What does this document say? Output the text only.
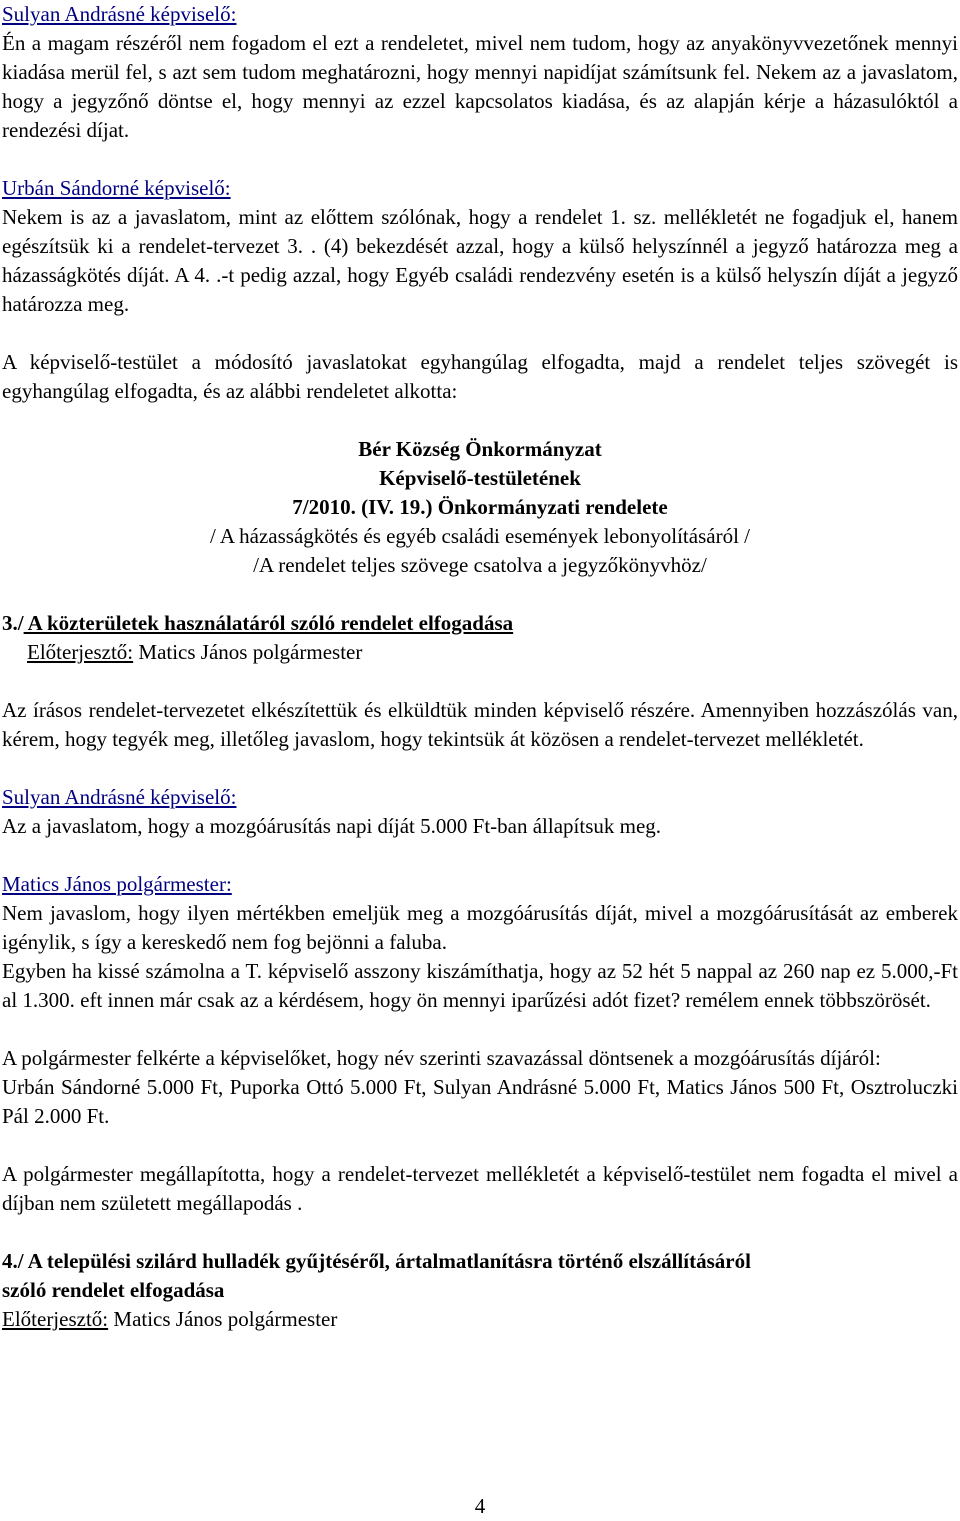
Sulyan Andrásné képviselő:

Én a magam részéről nem fogadom el ezt a rendeletet, mivel nem tudom, hogy az anyakönyvvezetőnek mennyi kiadása merül fel, s azt sem tudom meghatározni, hogy mennyi napidíjat számítsunk fel. Nekem az a javaslatom, hogy a jegyzőnő döntse el, hogy mennyi az ezzel kapcsolatos kiadása, és az alapján kérje a házasulóktól a rendezési díjat.

Urbán Sándorné képviselő:

Nekem is az a javaslatom, mint az előttem szólónak, hogy a rendelet 1. sz. mellékletét ne fogadjuk el, hanem egészítsük ki a rendelet-tervezet 3. . (4) bekezdését azzal, hogy a külső helyszínnél a jegyző határozza meg a házasságkötés díját. A 4. .-t pedig azzal, hogy Egyéb családi rendezvény esetén is a külső helyszín díját a jegyző határozza meg.

A képviselő-testület a módosító javaslatokat egyhangúlag elfogadta, majd a rendelet teljes szövegét is egyhangúlag elfogadta, és az alábbi rendeletet alkotta:

Bér Község Önkormányzat

Képviselő-testületének

7/2010. (IV. 19.) Önkormányzati rendelete

/ A házasságkötés és egyéb családi események lebonyolításáról /

/A rendelet teljes szövege csatolva a jegyzőkönyvhöz/

3./ A közterületek használatáról szóló rendelet elfogadása

Előterjesztő: Matics János polgármester

Az írásos rendelet-tervezetet elkészítettük és elküldtük minden képviselő részére. Amennyiben hozzászólás van, kérem, hogy tegyék meg, illetőleg javaslom, hogy tekintsük át közösen a rendelet-tervezet mellékletét.

Sulyan Andrásné képviselő:

Az a javaslatom, hogy a mozgóárusítás napi díját 5.000 Ft-ban állapítsuk meg.

Matics János polgármester:

Nem javaslom, hogy ilyen mértékben emeljük meg a mozgóárusítás díját, mivel a mozgóárusítását az emberek igénylik, s így a kereskedő nem fog bejönni a faluba.

Egyben ha kissé számolna a T. képviselő asszony kiszámíthatja, hogy az 52 hét 5 nappal az 260 nap ez 5.000,-Ft al 1.300. eft innen már csak az a kérdésem, hogy ön mennyi iparűzési adót fizet? remélem ennek többszörösét.

A polgármester felkérte a képviselőket, hogy név szerinti szavazással döntsenek a mozgóárusítás díjáról:

Urbán Sándorné 5.000 Ft, Puporka Ottó 5.000 Ft, Sulyan Andrásné 5.000 Ft, Matics János 500 Ft, Osztroluczki Pál 2.000 Ft.

A polgármester megállapította, hogy a rendelet-tervezet mellékletét a képviselő-testület nem fogadta el mivel a díjban nem született megállapodás .

4./ A települési szilárd hulladék gyűjtéséről, ártalmatlanításra történő elszállításáról

szóló rendelet elfogadása

Előterjesztő: Matics János polgármester

4
